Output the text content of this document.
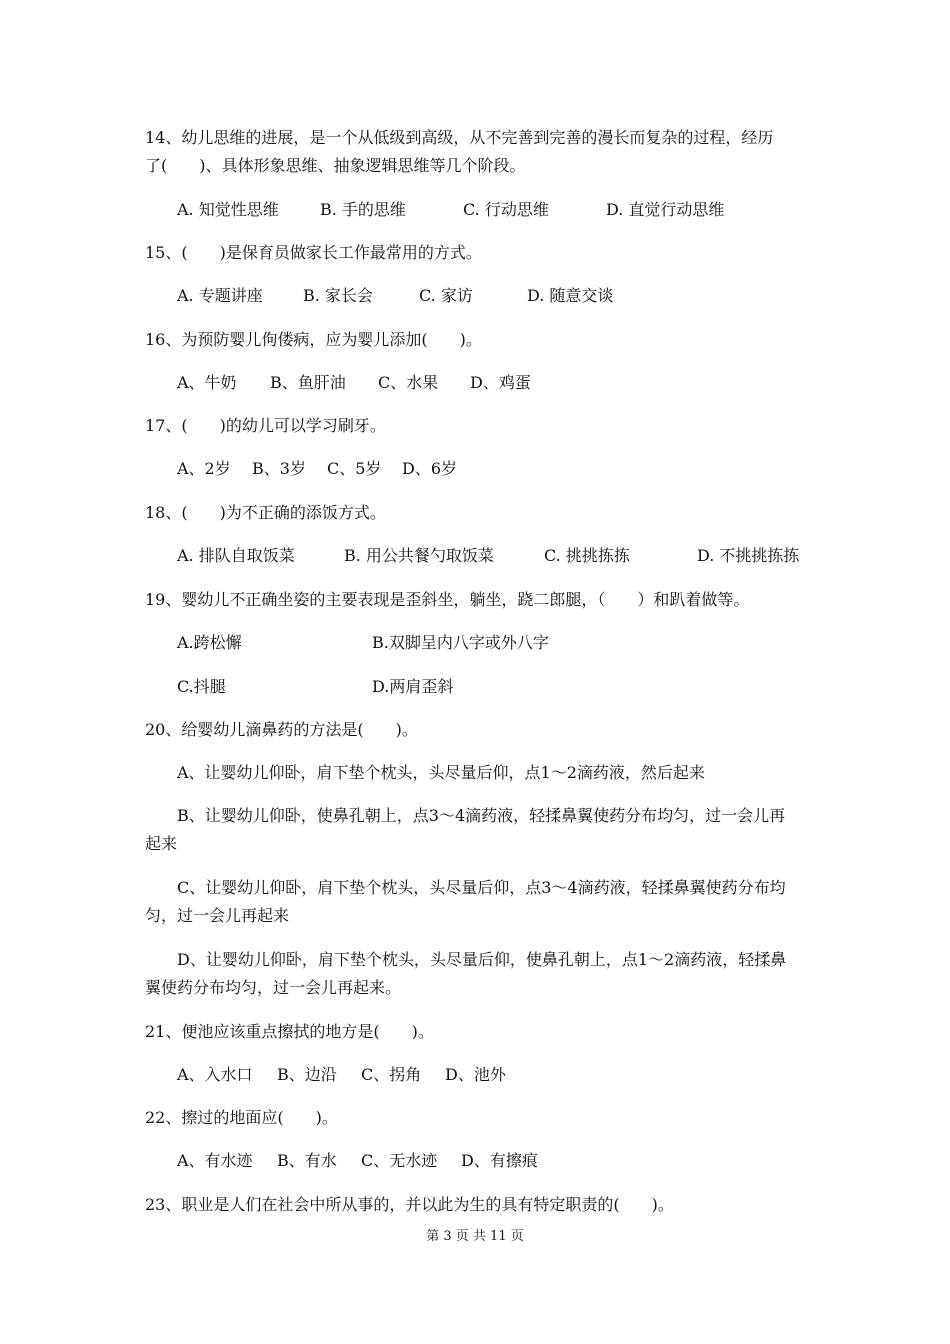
14、幼儿思维的进展，是一个从低级到高级，从不完善到完善的漫长而复杂的过程，经历
了(　　)、具体形象思维、抽象逻辑思维等几个阶段。
A. 知觉性思维	B. 手的思维	C. 行动思维	D. 直觉行动思维
15、(　　)是保育员做家长工作最常用的方式。
A. 专题讲座	B. 家长会	C. 家访	D. 随意交谈
16、为预防婴儿佝偻病，应为婴儿添加(　　)。
A、牛奶 B、鱼肝油 C、水果 D、鸡蛋
17、(　　)的幼儿可以学习刷牙。
A、2岁 B、3岁 C、5岁 D、6岁
18、(　　)为不正确的添饭方式。
A. 排队自取饭菜	B. 用公共餐勺取饭菜	C. 挑挑拣拣	D. 不挑挑拣拣
19、婴幼儿不正确坐姿的主要表现是歪斜坐，躺坐，跷二郎腿，（　　）和趴着做等。
A.跨松懈	B.双脚呈内八字或外八字
C.抖腿	D.两肩歪斜
20、给婴幼儿滴鼻药的方法是(　　)。
A、让婴幼儿仰卧，肩下垫个枕头，头尽量后仰，点1～2滴药液，然后起来
B、让婴幼儿仰卧，使鼻孔朝上，点3～4滴药液，轻揉鼻翼使药分布均匀，过一会儿再
起来
C、让婴幼儿仰卧，肩下垫个枕头，头尽量后仰，点3～4滴药液，轻揉鼻翼使药分布均
匀，过一会儿再起来
D、让婴幼儿仰卧，肩下垫个枕头，头尽量后仰，使鼻孔朝上，点1～2滴药液，轻揉鼻
翼使药分布均匀，过一会儿再起来。
21、便池应该重点擦拭的地方是(　　)。
A、入水口 B、边沿 C、拐角 D、池外
22、擦过的地面应(　　)。
A、有水迹 B、有水 C、无水迹 D、有擦痕
23、职业是人们在社会中所从事的，并以此为生的具有特定职责的(　　)。
第 3 页 共 11 页
